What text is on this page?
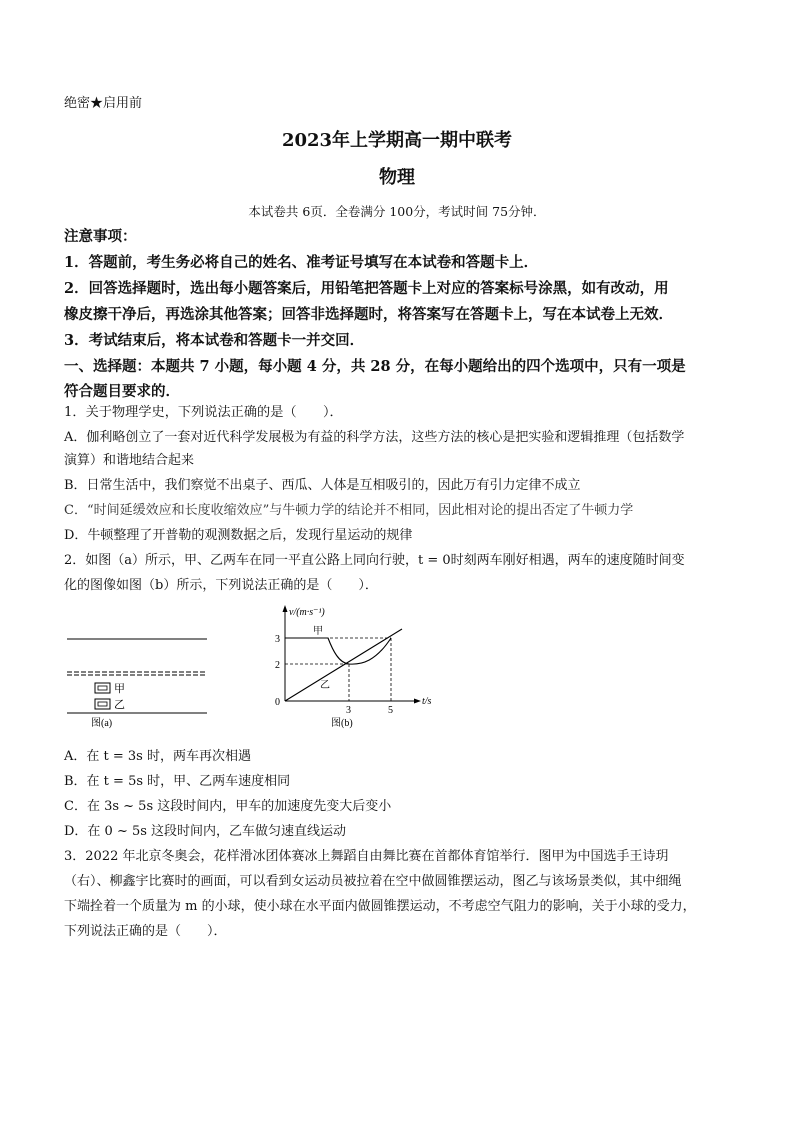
绝密★启用前
2023年上学期高一期中联考
物理
本试卷共 6页．全卷满分 100分，考试时间 75分钟．
注意事项：
1．答题前，考生务必将自己的姓名、准考证号填写在本试卷和答题卡上．
2．回答选择题时，选出每小题答案后，用铅笔把答题卡上对应的答案标号涂黑，如有改动，用
橡皮擦干净后，再选涂其他答案；回答非选择题时，将答案写在答题卡上，写在本试卷上无效．
3．考试结束后，将本试卷和答题卡一并交回．
一、选择题：本题共 7 小题，每小题 4 分，共 28 分，在每小题给出的四个选项中，只有一项是
符合题目要求的．
1．关于物理学史，下列说法正确的是（　　）．
A．伽利略创立了一套对近代科学发展极为有益的科学方法，这些方法的核心是把实验和逻辑推理（包括数学
演算）和谐地结合起来
B．日常生活中，我们察觉不出桌子、西瓜、人体是互相吸引的，因此万有引力定律不成立
C．“时间延缓效应和长度收缩效应”与牛顿力学的结论并不相同，因此相对论的提出否定了牛顿力学
D．牛顿整理了开普勒的观测数据之后，发现行星运动的规律
2．如图（a）所示，甲、乙两车在同一平直公路上同向行驶，t = 0时刻两车刚好相遇，两车的速度随时间变
化的图像如图（b）所示，下列说法正确的是（　　）．
甲
乙
图(a)
v/(m·s⁻¹)
t/s
0
3
2
3	5
甲
乙
图(b)
A．在 t = 3s 时，两车再次相遇
B．在 t = 5s 时，甲、乙两车速度相同
C．在 3s ~ 5s 这段时间内，甲车的加速度先变大后变小
D．在 0 ~ 5s 这段时间内，乙车做匀速直线运动
3．2022 年北京冬奥会，花样滑冰团体赛冰上舞蹈自由舞比赛在首都体育馆举行．图甲为中国选手王诗玥
（右）、柳鑫宇比赛时的画面，可以看到女运动员被拉着在空中做圆锥摆运动，图乙与该场景类似，其中细绳
下端拴着一个质量为 m 的小球，使小球在水平面内做圆锥摆运动，不考虑空气阻力的影响，关于小球的受力，
下列说法正确的是（　　）．
